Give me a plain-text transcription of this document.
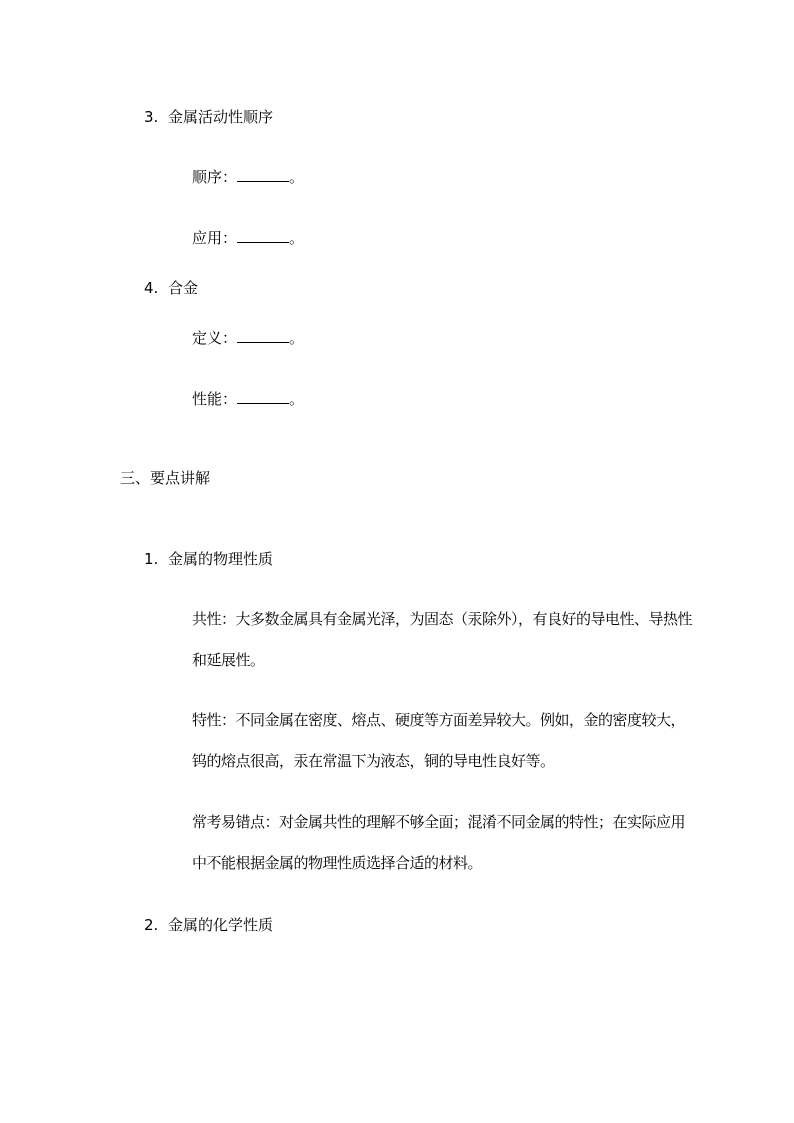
3. 金属活动性顺序
顺序：	。
应用：	。
4. 合金
定义：	。
性能：	。
三、要点讲解
1. 金属的物理性质
共性：大多数金属具有金属光泽，为固态（汞除外），有良好的导电性、导热性和延展性。
特性：不同金属在密度、熔点、硬度等方面差异较大。例如，金的密度较大，钨的熔点很高，汞在常温下为液态，铜的导电性良好等。
常考易错点：对金属共性的理解不够全面；混淆不同金属的特性；在实际应用中不能根据金属的物理性质选择合适的材料。
2. 金属的化学性质
